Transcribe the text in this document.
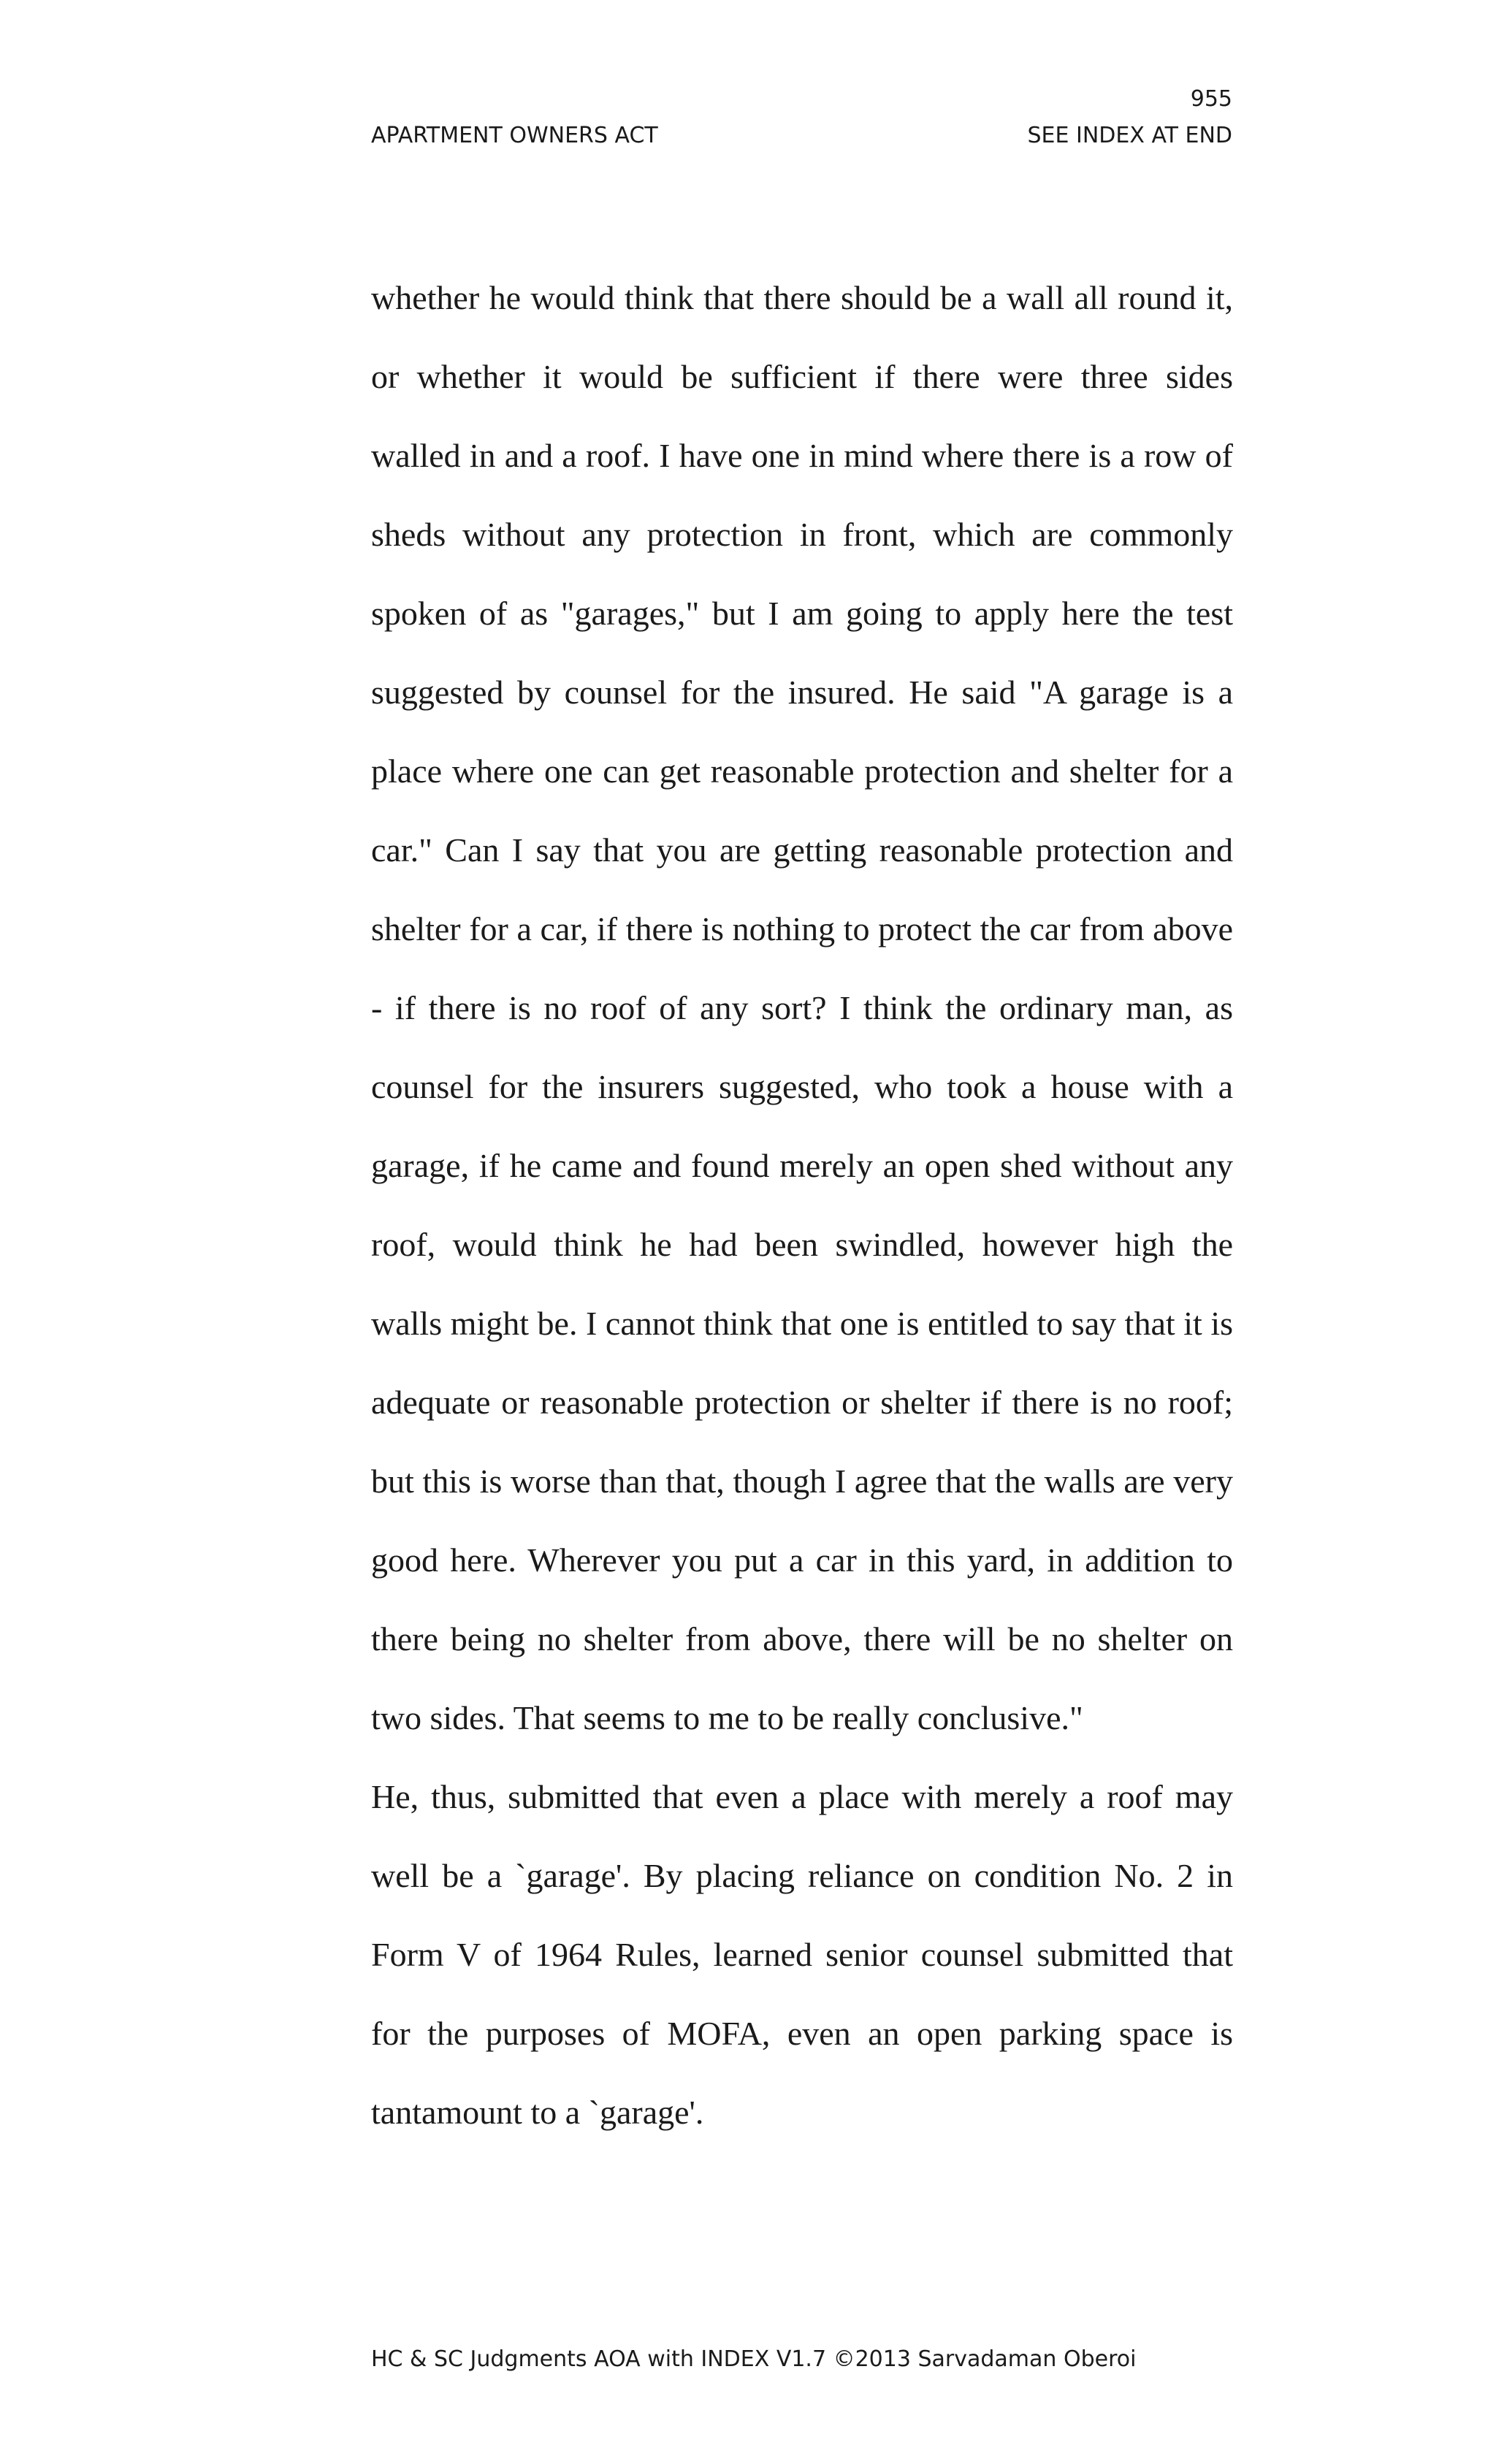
955
APARTMENT OWNERS ACT	SEE INDEX AT END

whether he would think that there should be a wall all round it, or whether it would be sufficient if there were three sides walled in and a roof. I have one in mind where there is a row of sheds without any protection in front, which are commonly spoken of as "garages," but I am going to apply here the test suggested by counsel for the insured. He said "A garage is a place where one can get reasonable protection and shelter for a car." Can I say that you are getting reasonable protection and shelter for a car, if there is nothing to protect the car from above - if there is no roof of any sort? I think the ordinary man, as counsel for the insurers suggested, who took a house with a garage, if he came and found merely an open shed without any roof, would think he had been swindled, however high the walls might be. I cannot think that one is entitled to say that it is adequate or reasonable protection or shelter if there is no roof; but this is worse than that, though I agree that the walls are very good here. Wherever you put a car in this yard, in addition to there being no shelter from above, there will be no shelter on two sides. That seems to me to be really conclusive."

He, thus, submitted that even a place with merely a roof may well be a `garage'. By placing reliance on condition No. 2 in Form V of 1964 Rules, learned senior counsel submitted that for the purposes of MOFA, even an open parking space is tantamount to a `garage'.

HC & SC Judgments AOA with INDEX V1.7 ©2013 Sarvadaman Oberoi
